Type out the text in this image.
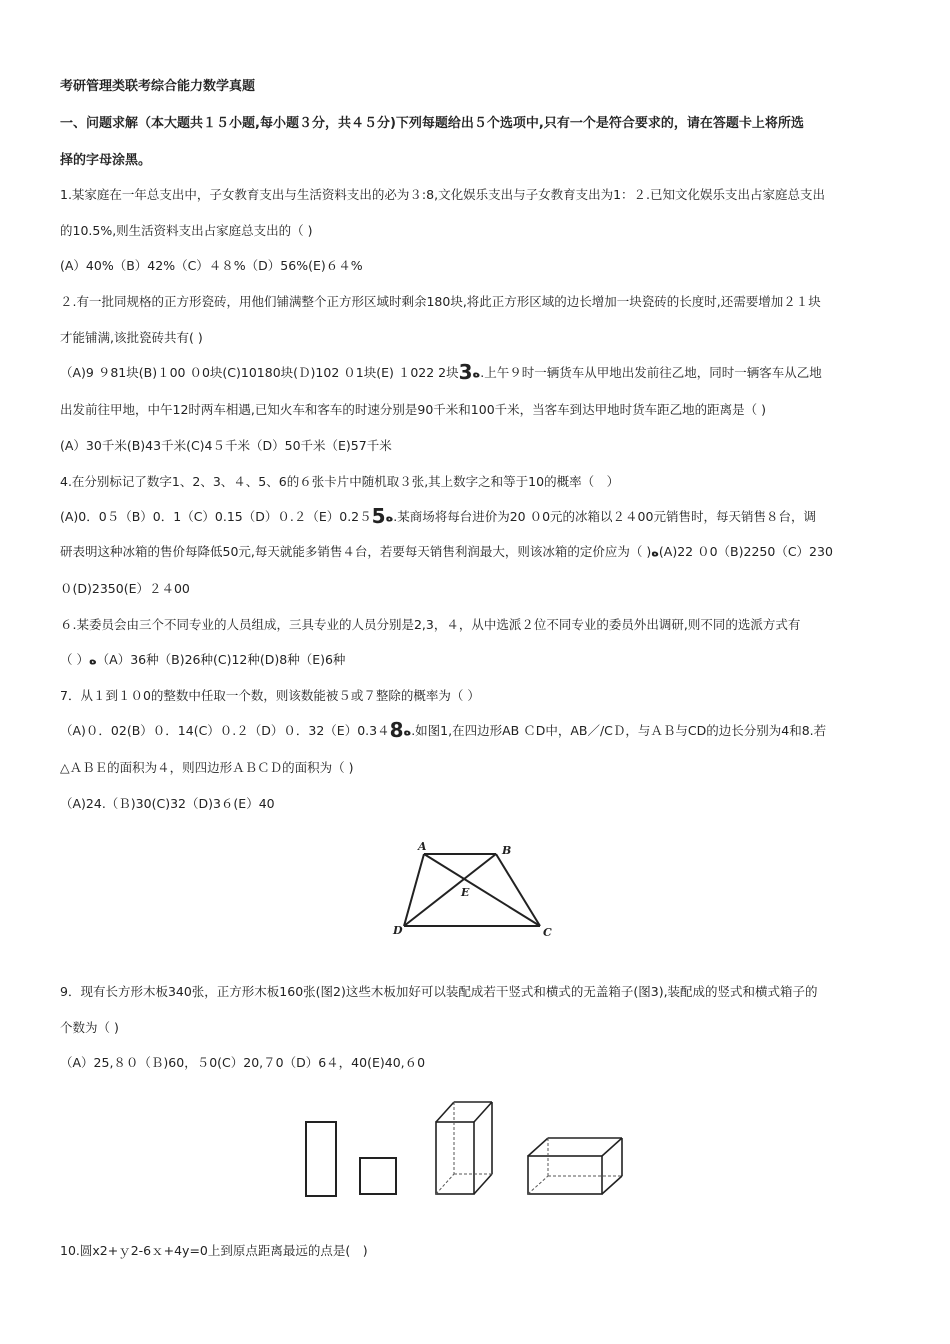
考研管理类联考综合能力数学真题
一、问题求解（本大题共１５小题,每小题３分，共４５分)下列每题给出５个选项中,只有一个是符合要求的，请在答题卡上将所选
择的字母涂黑。
1.某家庭在一年总支出中，子女教育支出与生活资料支出的必为３:8,文化娱乐支出与子女教育支出为1：２.已知文化娱乐支出占家庭总支出
的10.5%,则生活资料支出占家庭总支出的（ )
(A）40%（B）42%（C）４８%（D）56%(E)６４%
２.有一批同规格的正方形瓷砖，用他们铺满整个正方形区域时剩余180块,将此正方形区域的边长增加一块瓷砖的长度时,还需要增加２１块
才能铺满,该批瓷砖共有( )
（A)9 ９81块(B)１00 ０0块(C)10180块(Ｄ)102 ０1块(E) １022 2块3ه.上午９时一辆货车从甲地出发前往乙地，同时一辆客车从乙地
出发前往甲地，中午12时两车相遇,已知火车和客车的时速分别是90千米和100千米，当客车到达甲地时货车距乙地的距离是（ )
(A）30千米(B)43千米(C)4５千米（D）50千米（E)57千米
4.在分别标记了数字1、2、3、４、5、6的６张卡片中随机取３张,其上数字之和等于10的概率（　）
(A)0．0５（B）0．1（C）0.15（D）０.２（E）0.2５5ه.某商场将每台进价为20 ０0元的冰箱以２４00元销售时，每天销售８台，调
研表明这种冰箱的售价每降低50元,每天就能多销售４台，若要每天销售利润最大，则该冰箱的定价应为（ )ه(A)22 ０0（B)2250（C）230
０(D)2350(E）２４00
６.某委员会由三个不同专业的人员组成，三具专业的人员分别是2,3，４，从中选派２位不同专业的委员外出调研,则不同的选派方式有
（ ）ه（A）36种（B)26种(C)12种(D)8种（E)6种
7．从１到１０0的整数中任取一个数，则该数能被５或７整除的概率为（ ）
（A)０．02(B）０．14(C）０.２（D）０．32（E）0.3４8ه.如图1,在四边形AB ＣD中，AB／/CＤ，与ＡＢ与CD的边长分别为4和8.若
△ＡＢＥ的面积为４，则四边形ＡＢＣＤ的面积为（ )
（A)24.（Ｂ)30(C)32（D)3６(E）40
A	B
C
D
E
9．现有长方形木板340张，正方形木板160张(图2)这些木板加好可以装配成若干竖式和横式的无盖箱子(图3),装配成的竖式和横式箱子的
个数为（ )
（A）25,８０（Ｂ)60，５0(C）20,７0（D）6４，40(E)40,６0
10.圆x2+ｙ2-6ｘ+4y=0上到原点距离最远的点是(　)
